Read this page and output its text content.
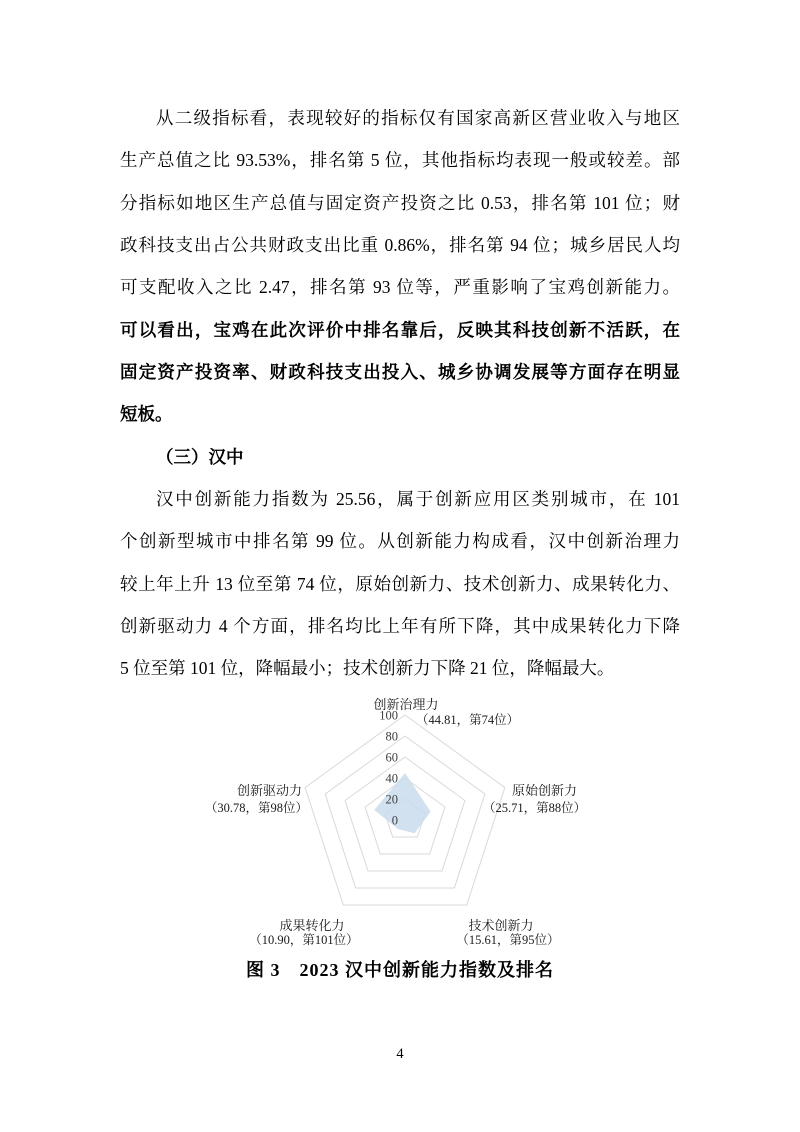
从二级指标看，表现较好的指标仅有国家高新区营业收入与地区
生产总值之比 93.53%，排名第 5 位，其他指标均表现一般或较差。部
分指标如地区生产总值与固定资产投资之比 0.53，排名第 101 位；财
政科技支出占公共财政支出比重 0.86%，排名第 94 位；城乡居民人均
可支配收入之比 2.47，排名第 93 位等，严重影响了宝鸡创新能力。
可以看出，宝鸡在此次评价中排名靠后，反映其科技创新不活跃，在
固定资产投资率、财政科技支出投入、城乡协调发展等方面存在明显
短板。
（三）汉中
汉中创新能力指数为 25.56，属于创新应用区类别城市，在 101
个创新型城市中排名第 99 位。从创新能力构成看，汉中创新治理力
较上年上升 13 位至第 74 位，原始创新力、技术创新力、成果转化力、
创新驱动力 4 个方面，排名均比上年有所下降，其中成果转化力下降
5 位至第 101 位，降幅最小；技术创新力下降 21 位，降幅最大。
0
20
40
60
80
100
创新治理力
（44.81，第74位）
原始创新力
（25.71，第88位）
技术创新力
（15.61，第95位）
成果转化力
（10.90，第101位）
创新驱动力
（30.78，第98位）
图 3　2023 汉中创新能力指数及排名
4
